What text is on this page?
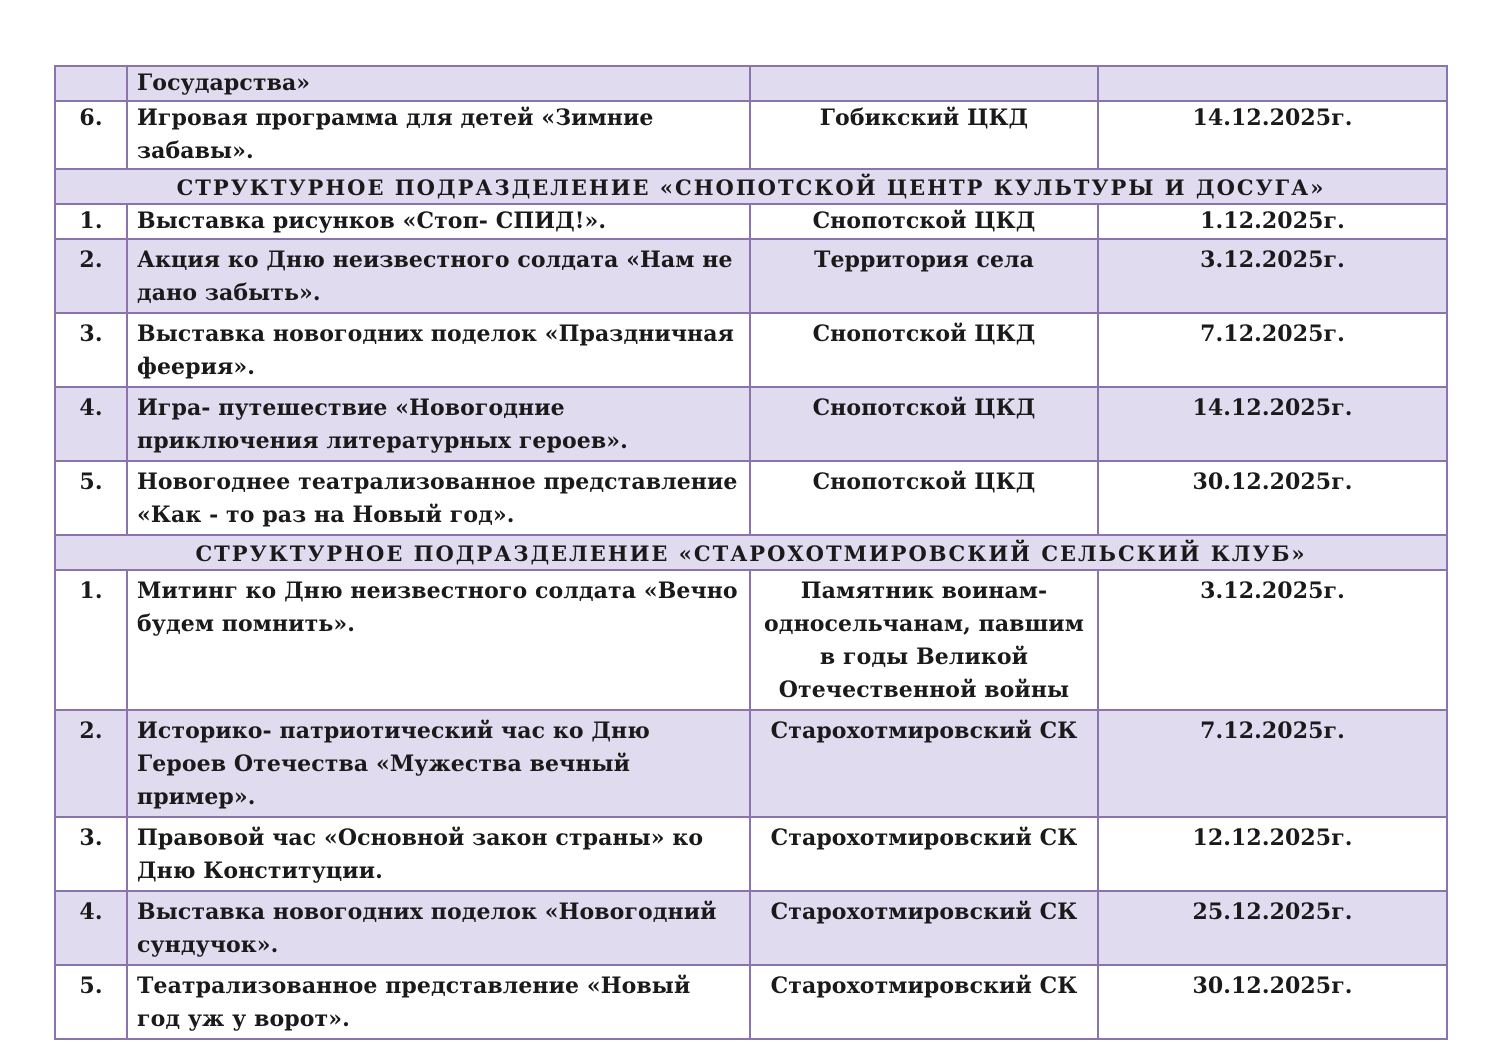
	Государства»		
6.	Игровая программа для детей «Зимние забавы».	Гобикский ЦКД	14.12.2025г.
СТРУКТУРНОЕ ПОДРАЗДЕЛЕНИЕ «СНОПОТСКОЙ ЦЕНТР КУЛЬТУРЫ И ДОСУГА»			
1.	Выставка рисунков «Стоп- СПИД!».	Снопотской ЦКД	1.12.2025г.
2.	Акция ко Дню неизвестного солдата «Нам не дано забыть».	Территория села	3.12.2025г.
3.	Выставка новогодних поделок «Праздничная феерия».	Снопотской ЦКД	7.12.2025г.
4.	Игра- путешествие «Новогодние приключения литературных героев».	Снопотской ЦКД	14.12.2025г.
5.	Новогоднее театрализованное представление «Как - то раз на Новый год».	Снопотской ЦКД	30.12.2025г.
СТРУКТУРНОЕ ПОДРАЗДЕЛЕНИЕ «СТАРОХОТМИРОВСКИЙ СЕЛЬСКИЙ КЛУБ»			
1.	Митинг ко Дню неизвестного солдата «Вечно будем помнить».	Памятник воинам-односельчанам, павшим в годы Великой Отечественной войны	3.12.2025г.
2.	Историко- патриотический час ко Дню Героев Отечества «Мужества вечный пример».	Старохотмировский СК	7.12.2025г.
3.	Правовой час «Основной закон страны» ко Дню Конституции.	Старохотмировский СК	12.12.2025г.
4.	Выставка новогодних поделок «Новогодний сундучок».	Старохотмировский СК	25.12.2025г.
5.	Театрализованное представление «Новый год уж у ворот».	Старохотмировский СК	30.12.2025г.
